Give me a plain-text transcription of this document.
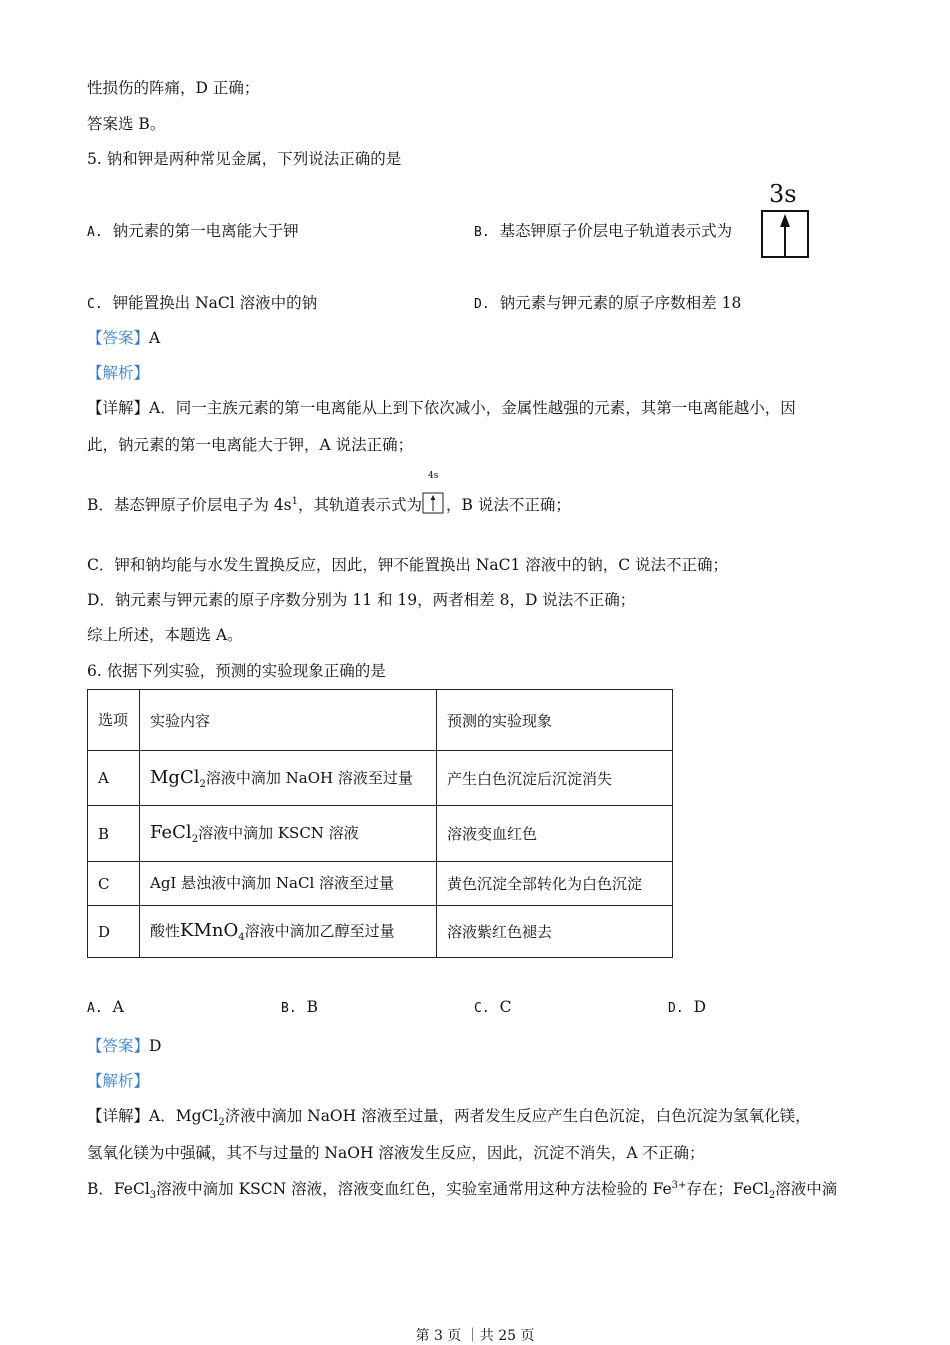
性损伤的阵痛，D 正确；
答案选 B。
5. 钠和钾是两种常见金属，下列说法正确的是
A. 钠元素的第一电离能大于钾	B. 基态钾原子价层电子轨道表示式为
3s
C. 钾能置换出 NaCl 溶液中的钠	D. 钠元素与钾元素的原子序数相差 18
【答案】A
【解析】
【详解】A．同一主族元素的第一电离能从上到下依次减小，金属性越强的元素，其第一电离能越小，因
此，钠元素的第一电离能大于钾，A 说法正确；
B．基态钾原子价层电子为 $4s^1$，其轨道表示式为
4s
，B 说法不正确；
C．钾和钠均能与水发生置换反应，因此，钾不能置换出 NaC1 溶液中的钠，C 说法不正确；
D．钠元素与钾元素的原子序数分别为 11 和 19，两者相差 8，D 说法不正确；
综上所述，本题选 A。
6. 依据下列实验，预测的实验现象正确的是
选项	实验内容	预测的实验现象
A	MgCl$_2$溶液中滴加 NaOH 溶液至过量	产生白色沉淀后沉淀消失
B	FeCl$_2$溶液中滴加 KSCN 溶液	溶液变血红色
C	AgI 悬浊液中滴加 NaCl 溶液至过量	黄色沉淀全部转化为白色沉淀
D	酸性KMnO$_4$溶液中滴加乙醇至过量	溶液紫红色褪去
A. A	B. B	C. C	D. D
【答案】D
【解析】
【详解】A．MgCl$_2$济液中滴加 NaOH 溶液至过量，两者发生反应产生白色沉淀，白色沉淀为氢氧化镁，
氢氧化镁为中强碱，其不与过量的 NaOH 溶液发生反应，因此，沉淀不消失，A 不正确；
B．FeCl$_3$溶液中滴加 KSCN 溶液，溶液变血红色，实验室通常用这种方法检验的 $Fe^{3+}$存在；FeCl$_2$溶液中滴
第 3 页 ｜共 25 页
